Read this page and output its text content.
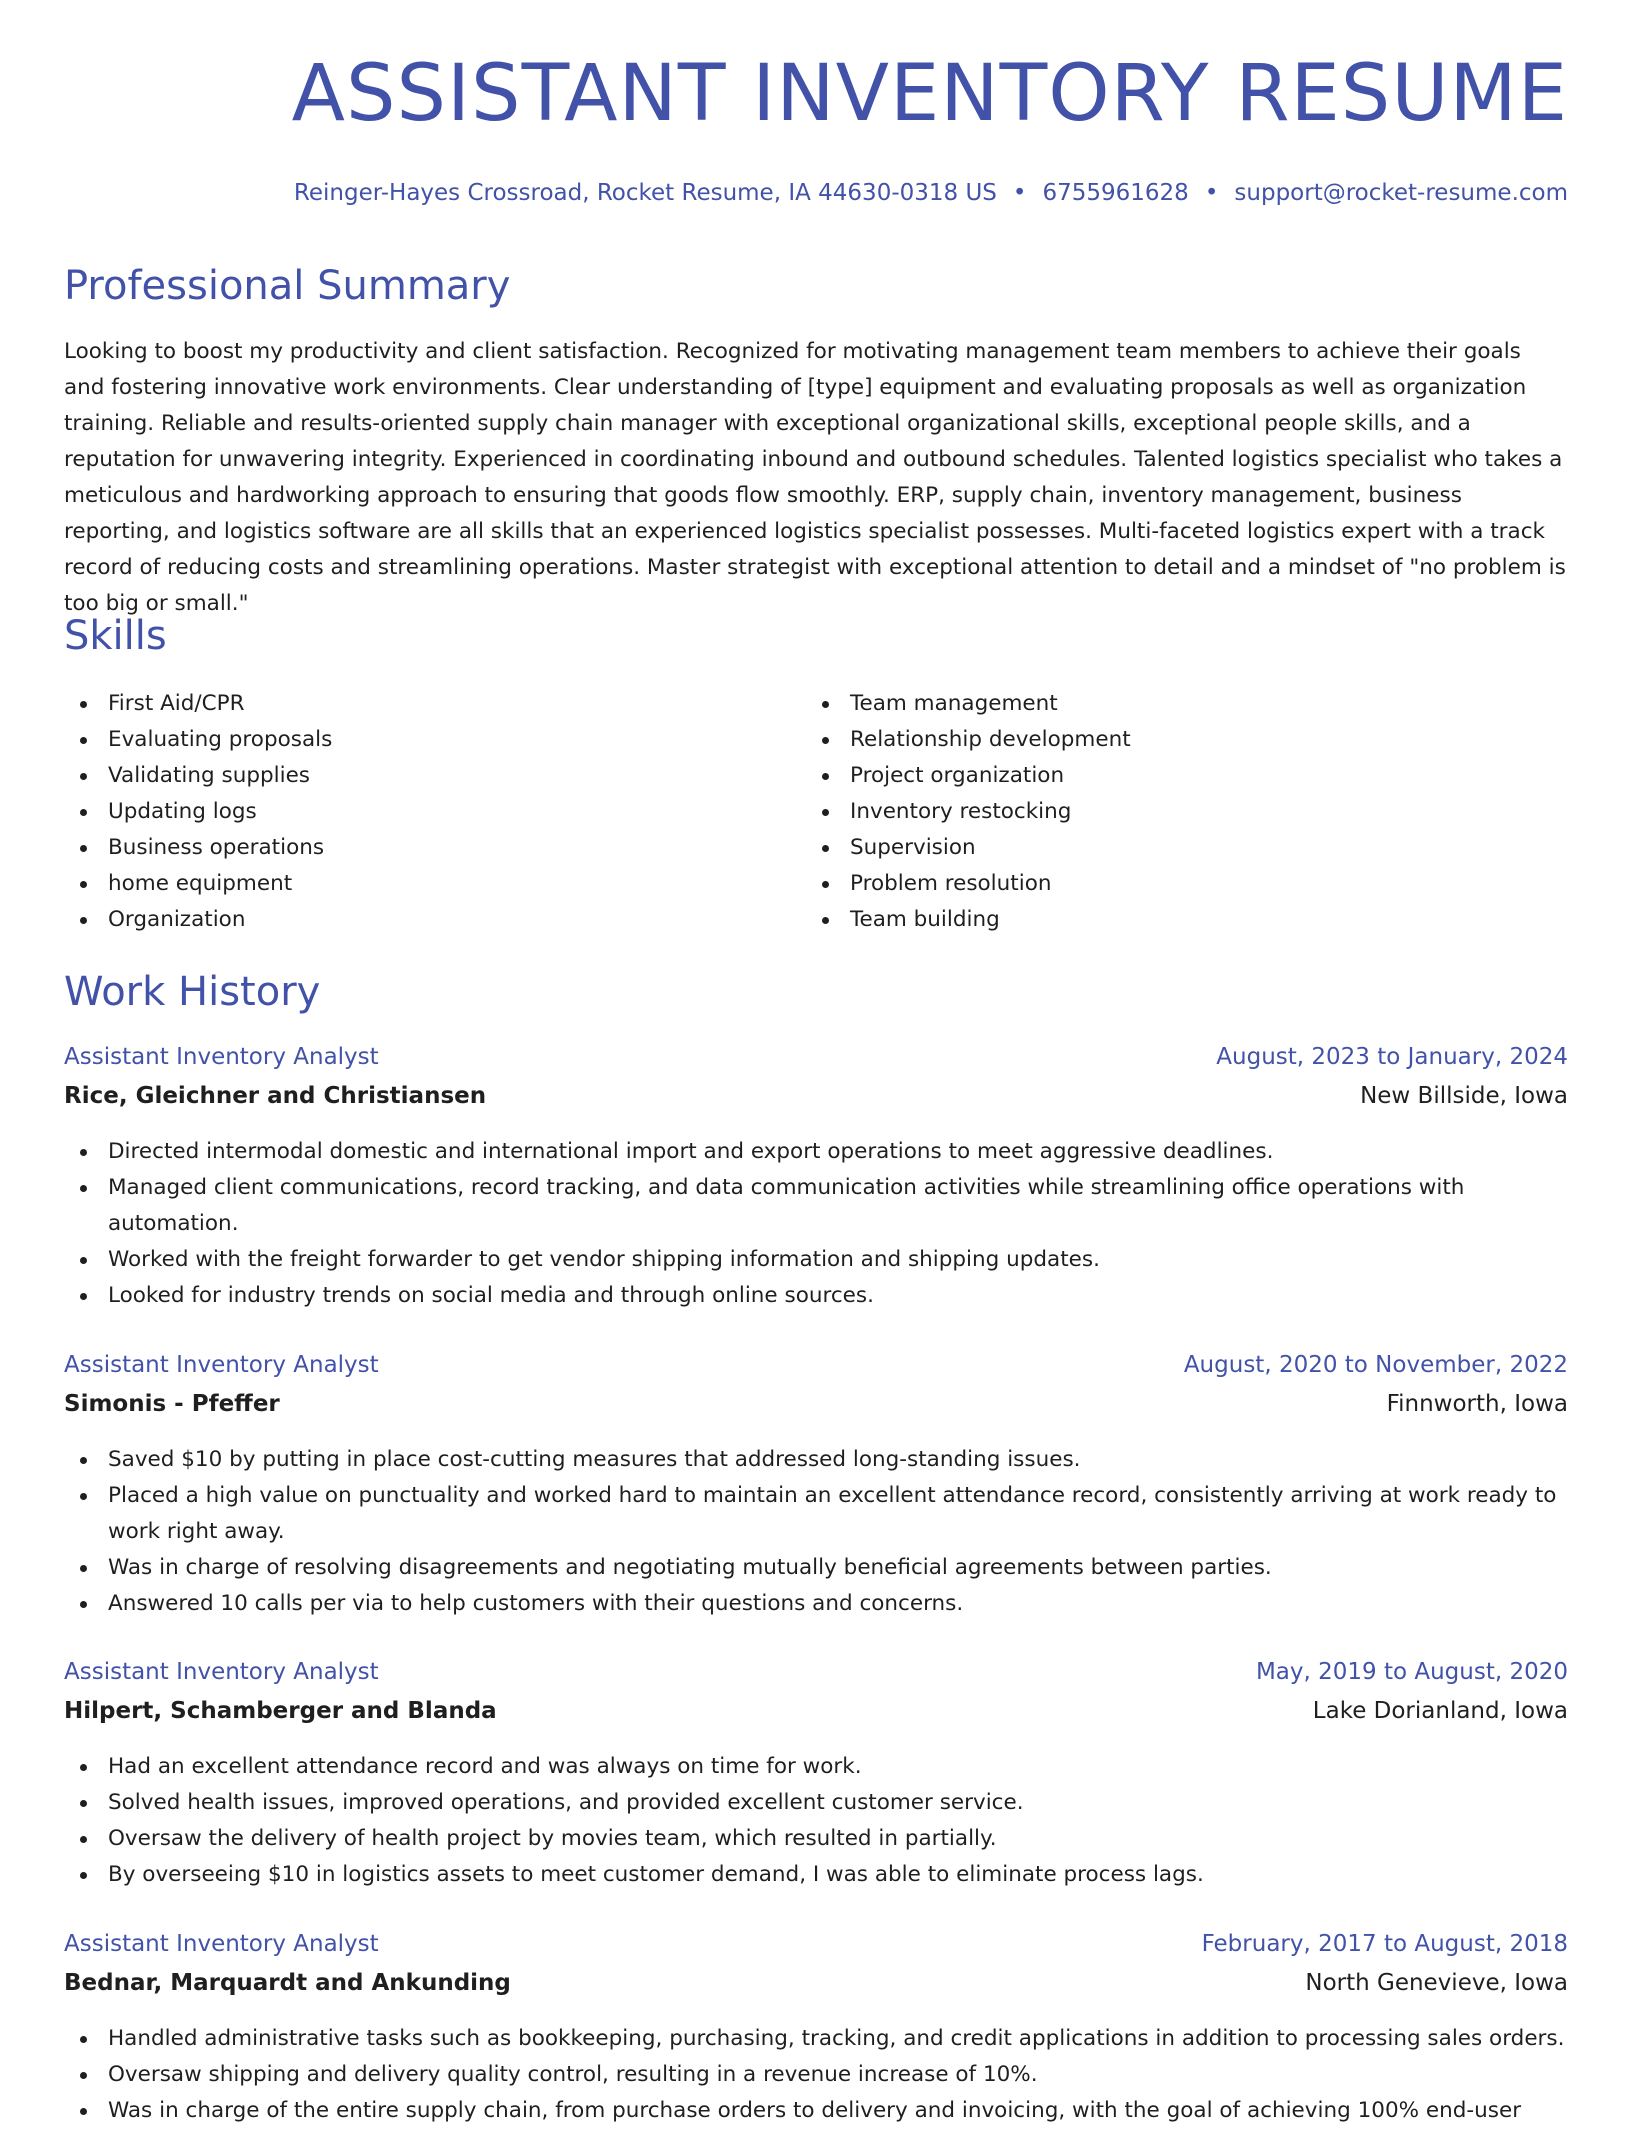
ASSISTANT INVENTORY RESUME
Reinger-Hayes Crossroad, Rocket Resume, IA 44630-0318 US • 6755961628 • support@rocket-resume.com
Professional Summary

Looking to boost my productivity and client satisfaction. Recognized for motivating management team members to achieve their goals and fostering innovative work environments. Clear understanding of [type] equipment and evaluating proposals as well as organization training. Reliable and results-oriented supply chain manager with exceptional organizational skills, exceptional people skills, and a reputation for unwavering integrity. Experienced in coordinating inbound and outbound schedules. Talented logistics specialist who takes a meticulous and hardworking approach to ensuring that goods flow smoothly. ERP, supply chain, inventory management, business reporting, and logistics software are all skills that an experienced logistics specialist possesses. Multi-faceted logistics expert with a track record of reducing costs and streamlining operations. Master strategist with exceptional attention to detail and a mindset of "no problem is too big or small."

Skills
First Aid/CPR
Evaluating proposals
Validating supplies
Updating logs
Business operations
home equipment
Organization
Team management
Relationship development
Project organization
Inventory restocking
Supervision
Problem resolution
Team building
Work History
Assistant Inventory Analyst	August, 2023 to January, 2024
Rice, Gleichner and Christiansen	New Billside, Iowa
Directed intermodal domestic and international import and export operations to meet aggressive deadlines.
Managed client communications, record tracking, and data communication activities while streamlining office operations with automation.
Worked with the freight forwarder to get vendor shipping information and shipping updates.
Looked for industry trends on social media and through online sources.
Assistant Inventory Analyst	August, 2020 to November, 2022
Simonis - Pfeffer	Finnworth, Iowa
Saved $10 by putting in place cost-cutting measures that addressed long-standing issues.
Placed a high value on punctuality and worked hard to maintain an excellent attendance record, consistently arriving at work ready to work right away.
Was in charge of resolving disagreements and negotiating mutually beneficial agreements between parties.
Answered 10 calls per via to help customers with their questions and concerns.
Assistant Inventory Analyst	May, 2019 to August, 2020
Hilpert, Schamberger and Blanda	Lake Dorianland, Iowa
Had an excellent attendance record and was always on time for work.
Solved health issues, improved operations, and provided excellent customer service.
Oversaw the delivery of health project by movies team, which resulted in partially.
By overseeing $10 in logistics assets to meet customer demand, I was able to eliminate process lags.
Assistant Inventory Analyst	February, 2017 to August, 2018
Bednar, Marquardt and Ankunding	North Genevieve, Iowa
Handled administrative tasks such as bookkeeping, purchasing, tracking, and credit applications in addition to processing sales orders.
Oversaw shipping and delivery quality control, resulting in a revenue increase of 10%.
Was in charge of the entire supply chain, from purchase orders to delivery and invoicing, with the goal of achieving 100% end-user
